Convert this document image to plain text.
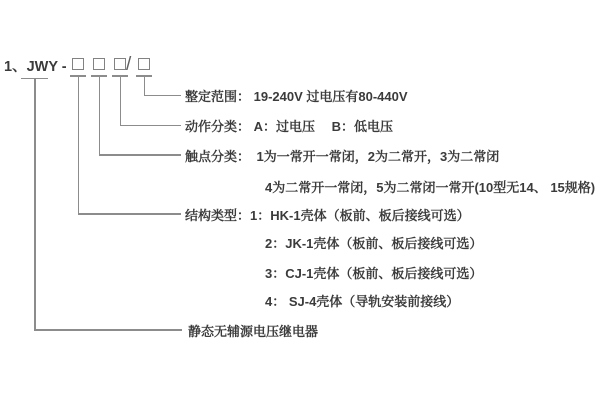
1、JWY -	/
整定范围： 19-240V 过电压有80-440V
动作分类： A：过电压　 B：低电压
触点分类：　1为一常开一常闭，2为二常开，3为二常闭
4为二常开一常闭，5为二常闭一常开(10型无14、 15规格)
结构类型：1：HK-1壳体（板前、板后接线可选）
2：JK-1壳体（板前、板后接线可选）
3：CJ-1壳体（板前、板后接线可选）
4： SJ-4壳体（导轨安装前接线）
静态无辅源电压继电器
